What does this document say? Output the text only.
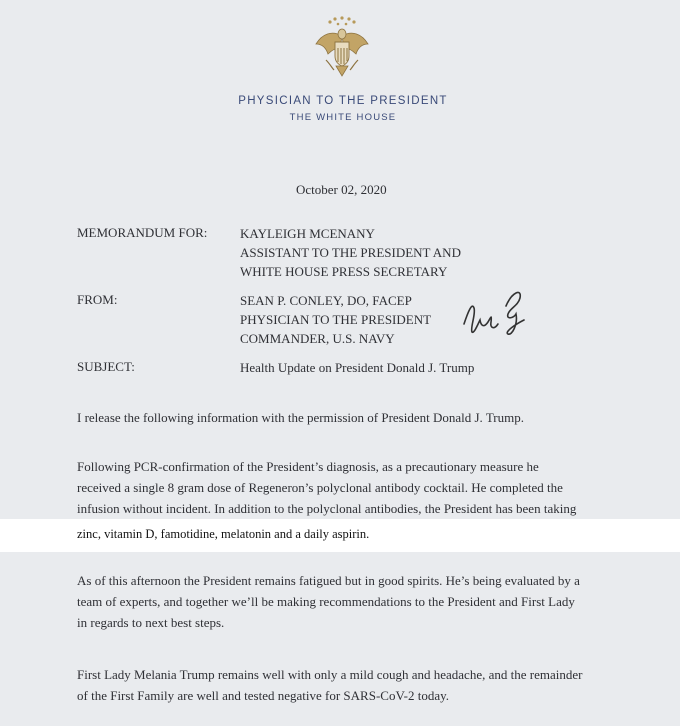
PHYSICIAN TO THE PRESIDENT
THE WHITE HOUSE
October 02, 2020
MEMORANDUM FOR:	KAYLEIGH MCENANY
ASSISTANT TO THE PRESIDENT AND
WHITE HOUSE PRESS SECRETARY
FROM:	SEAN P. CONLEY, DO, FACEP
PHYSICIAN TO THE PRESIDENT
COMMANDER, U.S. NAVY
SUBJECT:	Health Update on President Donald J. Trump
I release the following information with the permission of President Donald J. Trump.
Following PCR-confirmation of the President’s diagnosis, as a precautionary measure he
received a single 8 gram dose of Regeneron’s polyclonal antibody cocktail. He completed the
infusion without incident. In addition to the polyclonal antibodies, the President has been taking
zinc, vitamin D, famotidine, melatonin and a daily aspirin.
As of this afternoon the President remains fatigued but in good spirits. He’s being evaluated by a
team of experts, and together we’ll be making recommendations to the President and First Lady
in regards to next best steps.
First Lady Melania Trump remains well with only a mild cough and headache, and the remainder
of the First Family are well and tested negative for SARS-CoV-2 today.
